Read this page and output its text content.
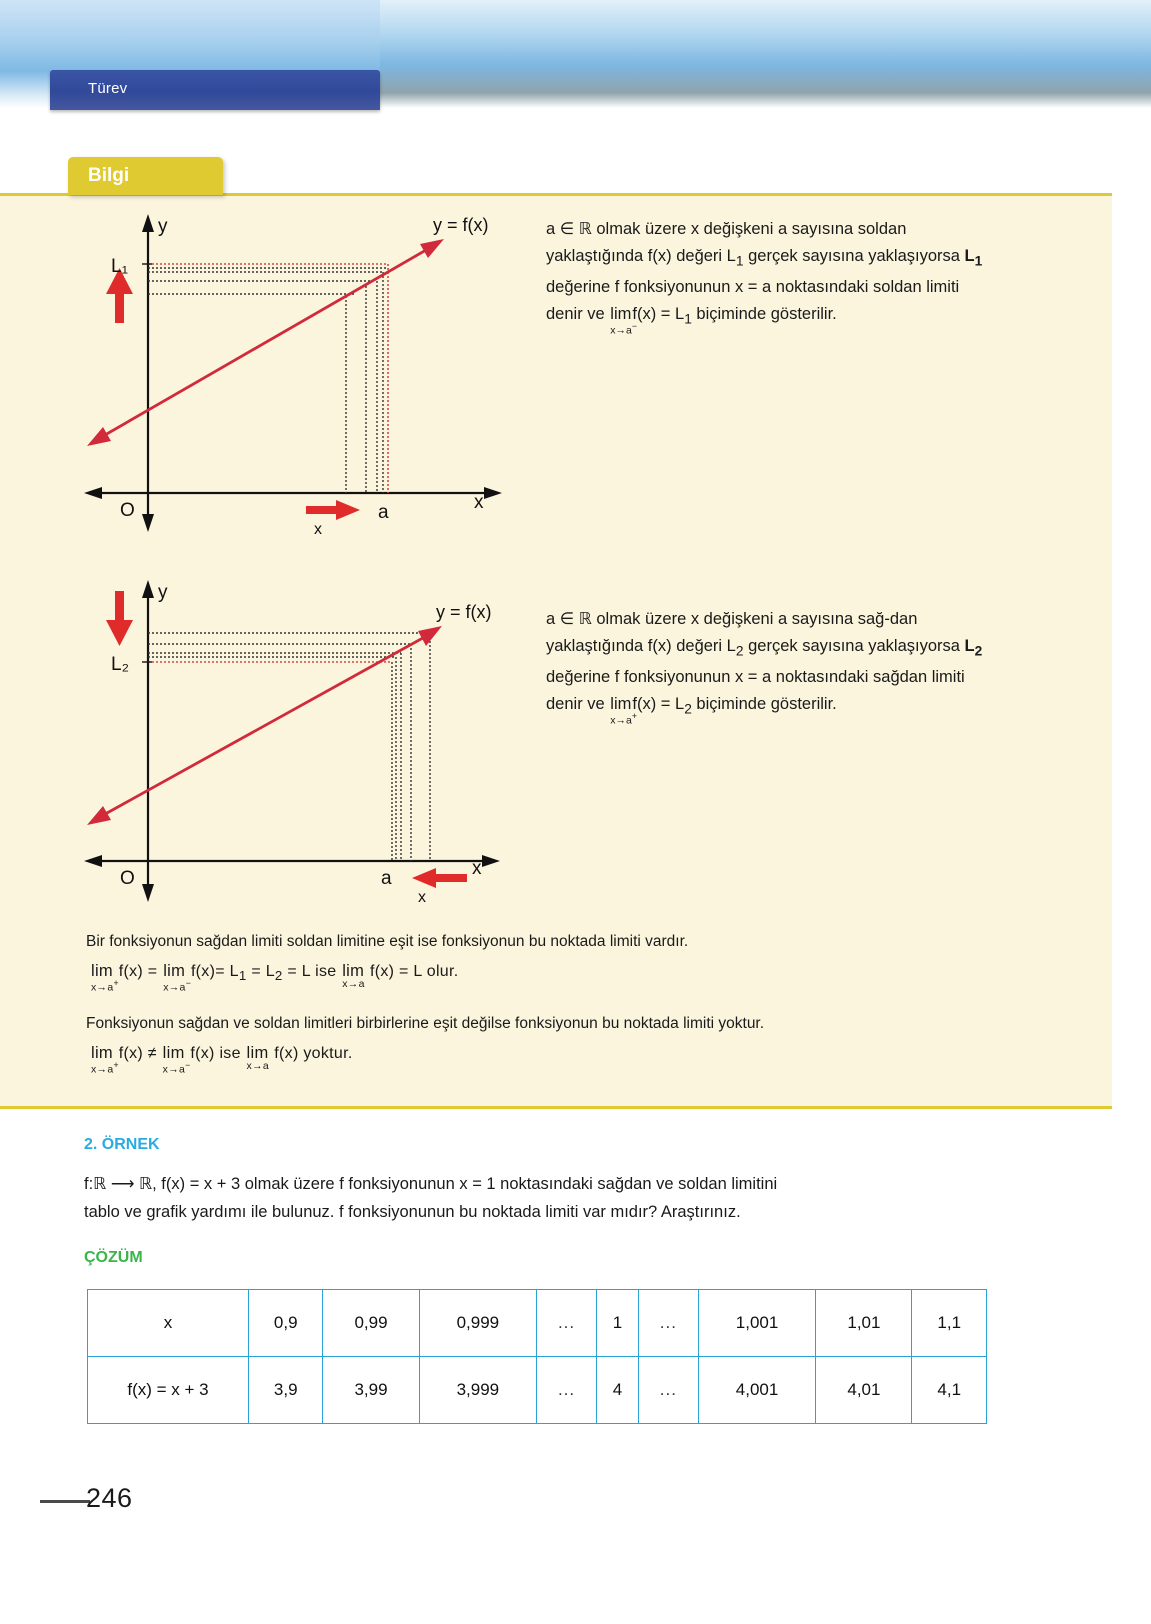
Türev
Bilgi
y
x
O
y = f(x)
L₁
a
x
a ∈ ℝ olmak üzere x değişkeni a sayısına soldan yaklaştığında f(x) değeri $L_1$ gerçek sayısına yaklaşıyorsa $L_1$ değerine f fonksiyonunun x = a noktasındaki soldan limiti denir ve lim
x→a−
$f(x) = L_1$ biçiminde gösterilir.
y
x
O
y = f(x)
L₂
a
x
a ∈ ℝ olmak üzere x değişkeni a sayısına sağ-dan yaklaştığında f(x) değeri $L_2$ gerçek sayısına yaklaşıyorsa $L_2$ değerine f fonksiyonunun x = a noktasındaki sağdan limiti denir ve lim
x→a+
$f(x) = L_2$ biçiminde gösterilir.
Bir fonksiyonun sağdan limiti soldan limitine eşit ise fonksiyonun bu noktada limiti vardır.
lim
x→a+
f(x) = lim
x→a−
$f(x)= L_1 = L_2 = L$ ise lim
x→a
f(x) = L olur.
Fonksiyonun sağdan ve soldan limitleri birbirlerine eşit değilse fonksiyonun bu noktada limiti yoktur.
lim
x→a+
f(x) ≠ lim
x→a−
f(x) ise lim
x→a
f(x) yoktur.
2. ÖRNEK
f:ℝ ⟶ ℝ, f(x) = x + 3 olmak üzere f fonksiyonunun x = 1 noktasındaki sağdan ve soldan limitini
tablo ve grafik yardımı ile bulunuz. f fonksiyonunun bu noktada limiti var mıdır? Araştırınız.
ÇÖZÜM
x	0,9	0,99	0,999	...	1	...	1,001	1,01	1,1
f(x) = x + 3	3,9	3,99	3,999	...	4	...	4,001	4,01	4,1
246
